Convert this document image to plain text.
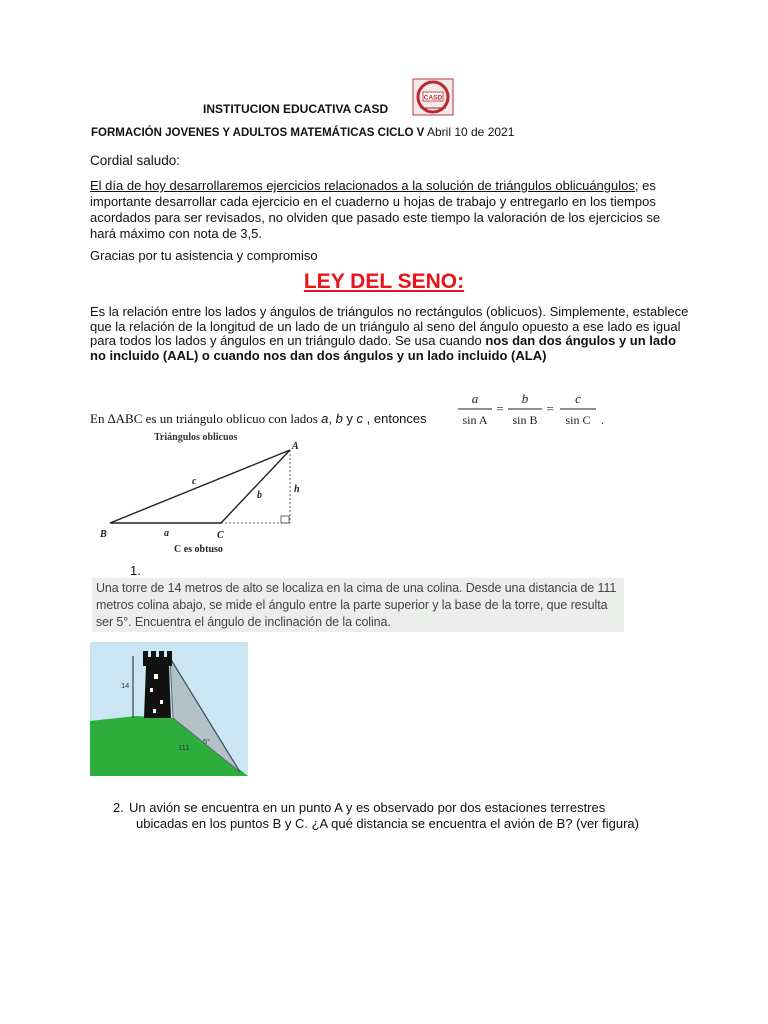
INSTITUCION EDUCATIVA CASD
CASD
FORMACIÓN JOVENES Y ADULTOS MATEMÁTICAS CICLO V Abril 10 de 2021
Cordial saludo:
El día de hoy desarrollaremos ejercicios relacionados a la solución de triángulos oblicuángulos; es importante desarrollar cada ejercicio en el cuaderno u hojas de trabajo y entregarlo en los tiempos acordados para ser revisados, no olviden que pasado este tiempo la valoración de los ejercicios se hará máximo con nota de 3,5.
Gracias por tu asistencia y compromiso
LEY DEL SENO:
Es la relación entre los lados y ángulos de triángulos no rectángulos (oblicuos). Simplemente, establece que la relación de la longitud de un lado de un triángulo al seno del ángulo opuesto a ese lado es igual para todos los lados y ángulos en un triángulo dado. Se usa cuando nos dan dos ángulos y un lado no incluido (AAL) o cuando nos dan dos ángulos y un lado incluido (ALA)
En ∆ABC es un triángulo oblicuo con lados a, b y c , entonces
a
sin A
=
b
sin B
=
c
sin C .
Triángulos oblicuos
A
B	C
a
b
c
h
C es obtuso
1.
Una torre de 14 metros de alto se localiza en la cima de una colina. Desde una distancia de 111 metros colina abajo, se mide el ángulo entre la parte superior y la base de la torre, que resulta ser 5°. Encuentra el ángulo de inclinación de la colina.
14
111
5°
2. Un avión se encuentra en un punto A y es observado por dos estaciones terrestres
ubicadas en los puntos B y C. ¿A qué distancia se encuentra el avión de B? (ver figura)
